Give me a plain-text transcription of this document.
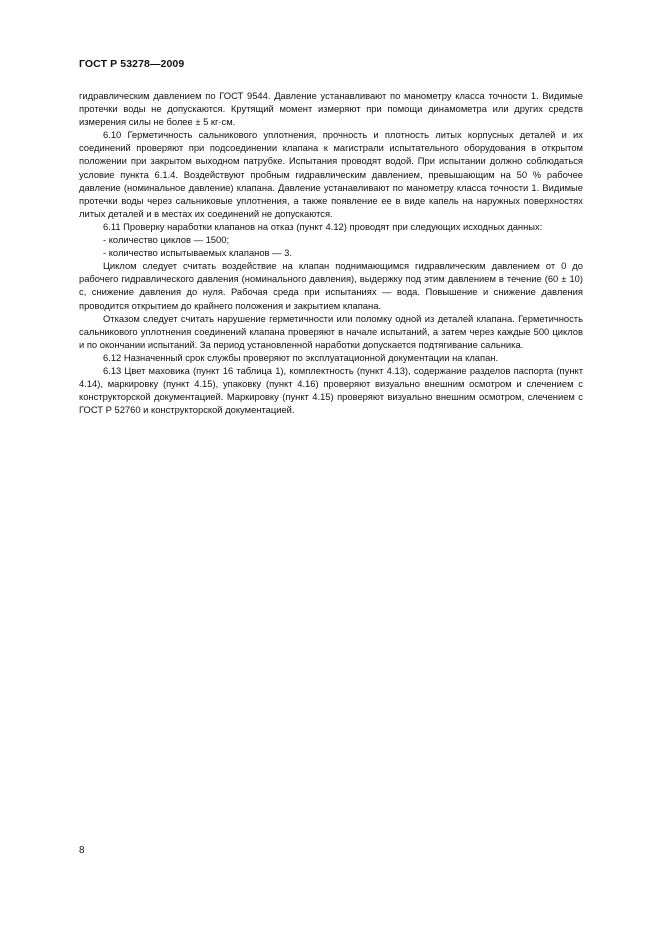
ГОСТ Р 53278—2009

гидравлическим давлением по ГОСТ 9544. Давление устанавливают по манометру класса точности 1. Видимые протечки воды не допускаются. Крутящий момент измеряют при помощи динамометра или других средств измерения силы не более ± 5 кг·см.

6.10 Герметичность сальникового уплотнения, прочность и плотность литых корпусных деталей и их соединений проверяют при подсоединении клапана к магистрали испытательного оборудования в открытом положении при закрытом выходном патрубке. Испытания проводят водой. При испытании должно соблюдаться условие пункта 6.1.4. Воздействуют пробным гидравлическим давлением, превышающим на 50 % рабочее давление (номинальное давление) клапана. Давление устанавливают по манометру класса точности 1. Видимые протечки воды через сальниковые уплотнения, а также появление ее в виде капель на наружных поверхностях литых деталей и в местах их соединений не допускаются.

6.11 Проверку наработки клапанов на отказ (пункт 4.12) проводят при следующих исходных данных:

- количество циклов — 1500;

- количество испытываемых клапанов — 3.

Циклом следует считать воздействие на клапан поднимающимся гидравлическим давлением от 0 до рабочего гидравлического давления (номинального давления), выдержку под этим давлением в течение (60 ± 10) с, снижение давления до нуля. Рабочая среда при испытаниях — вода. Повышение и снижение давления проводится открытием до крайнего положения и закрытием клапана.

Отказом следует считать нарушение герметичности или поломку одной из деталей клапана. Герметичность сальникового уплотнения соединений клапана проверяют в начале испытаний, а затем через каждые 500 циклов и по окончании испытаний. За период установленной наработки допускается подтягивание сальника.

6.12 Назначенный срок службы проверяют по эксплуатационной документации на клапан.

6.13 Цвет маховика (пункт 16 таблица 1), комплектность (пункт 4.13), содержание разделов паспорта (пункт 4.14), маркировку (пункт 4.15), упаковку (пункт 4.16) проверяют визуально внешним осмотром и слечением с конструкторской документацией. Маркировку (пункт 4.15) проверяют визуально внешним осмотром, слечением с ГОСТ Р 52760 и конструкторской документацией.

8
